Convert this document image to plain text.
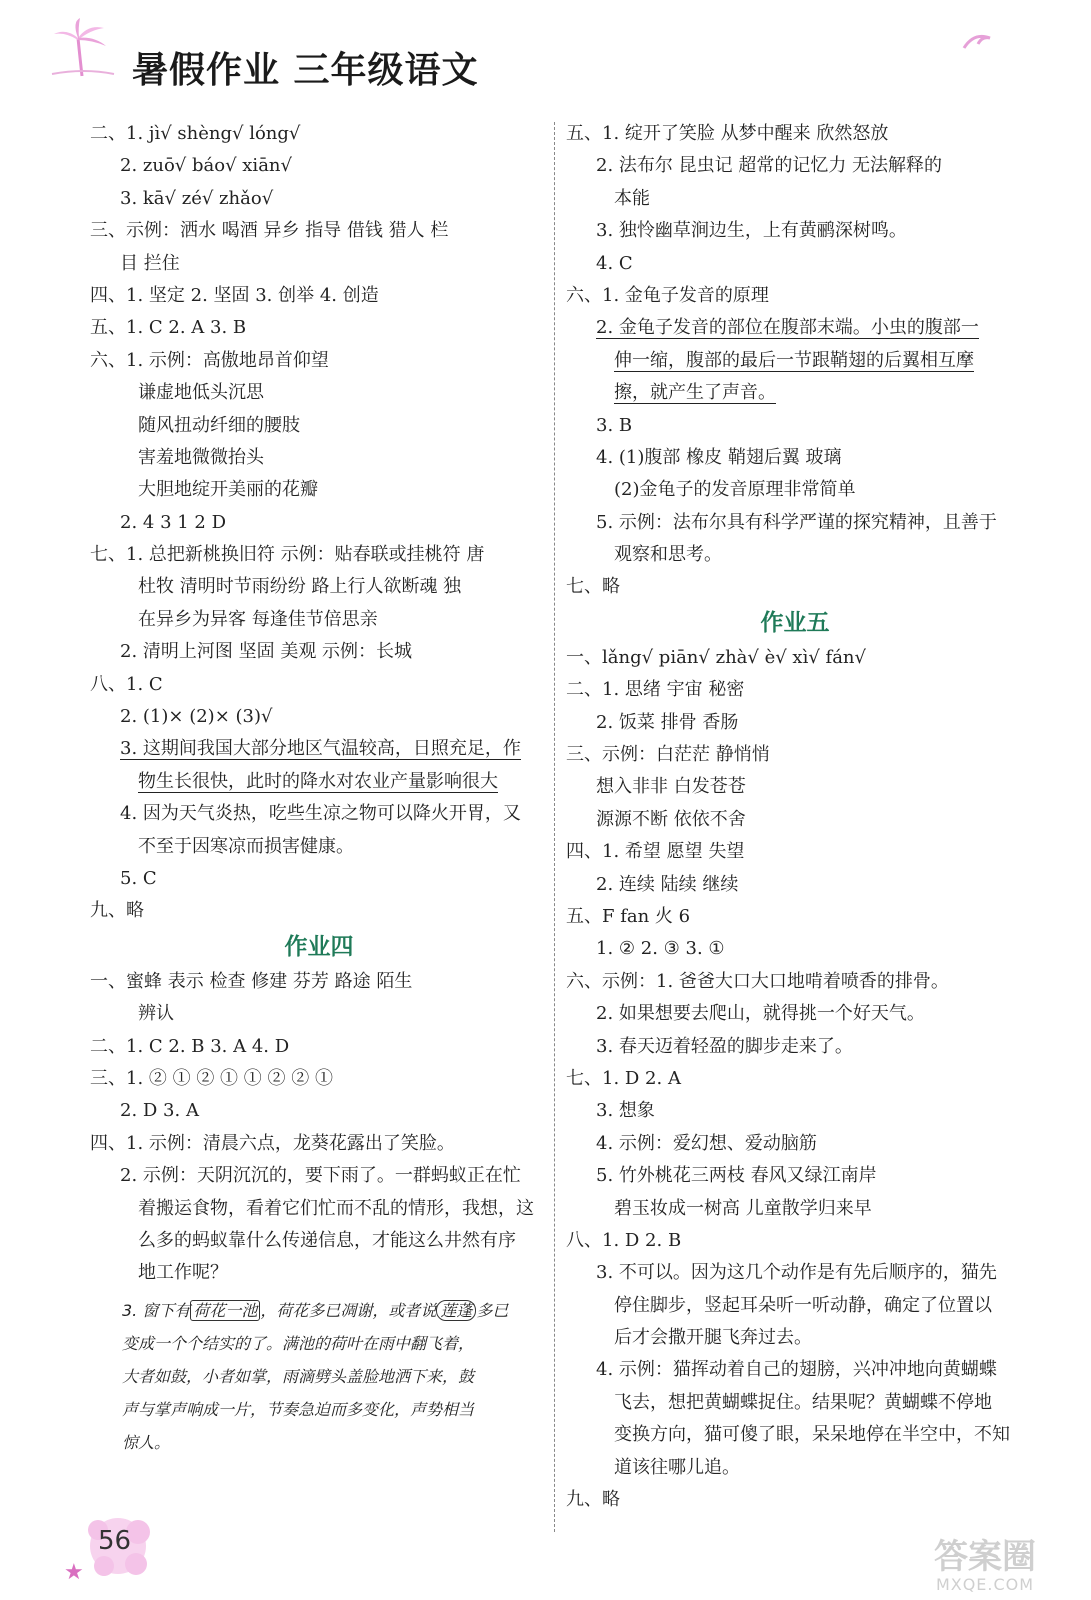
暑假作业 三年级语文
二、1. jì√ shèng√ lóng√
2. zuō√ báo√ xiān√
3. kā√ zé√ zhǎo√
三、示例：洒水 喝酒 异乡 指导 借钱 猎人 栏
目 拦住
四、1. 坚定 2. 坚固 3. 创举 4. 创造
五、1. C 2. A 3. B
六、1. 示例：高傲地昂首仰望
谦虚地低头沉思
随风扭动纤细的腰肢
害羞地微微抬头
大胆地绽开美丽的花瓣
2. 4 3 1 2 D
七、1. 总把新桃换旧符 示例：贴春联或挂桃符 唐
杜牧 清明时节雨纷纷 路上行人欲断魂 独
在异乡为异客 每逢佳节倍思亲
2. 清明上河图 坚固 美观 示例：长城
八、1. C
2. (1)× (2)× (3)√
3. 这期间我国大部分地区气温较高，日照充足，作
物生长很快，此时的降水对农业产量影响很大
4. 因为天气炎热，吃些生凉之物可以降火开胃，又
不至于因寒凉而损害健康。
5. C
九、略
作业四
一、蜜蜂 表示 检查 修建 芬芳 路途 陌生
辨认
二、1. C 2. B 3. A 4. D
三、1. ② ① ② ① ① ② ② ①
2. D 3. A
四、1. 示例：清晨六点，龙葵花露出了笑脸。
2. 示例：天阴沉沉的，要下雨了。一群蚂蚁正在忙
着搬运食物，看着它们忙而不乱的情形，我想，这
么多的蚂蚁靠什么传递信息，才能这么井然有序
地工作呢？
3. 窗下有 荷花一池 ，荷花多已凋谢，或者说 莲蓬 多已
变成一个个结实的了。满池的荷叶在雨中翻飞着，
大者如鼓，小者如掌，雨滴劈头盖脸地洒下来，鼓
声与掌声响成一片，节奏急迫而多变化，声势相当
惊人。
五、1. 绽开了笑脸 从梦中醒来 欣然怒放
2. 法布尔 昆虫记 超常的记忆力 无法解释的
本能
3. 独怜幽草涧边生，上有黄鹂深树鸣。
4. C
六、1. 金龟子发音的原理
2. 金龟子发音的部位在腹部末端。小虫的腹部一
伸一缩，腹部的最后一节跟鞘翅的后翼相互摩
擦，就产生了声音。
3. B
4. (1)腹部 橡皮 鞘翅后翼 玻璃
(2)金龟子的发音原理非常简单
5. 示例：法布尔具有科学严谨的探究精神，且善于
观察和思考。
七、略
作业五
一、lǎng√ piān√ zhà√ è√ xì√ fán√
二、1. 思绪 宇宙 秘密
2. 饭菜 排骨 香肠
三、示例：白茫茫 静悄悄
想入非非 白发苍苍
源源不断 依依不舍
四、1. 希望 愿望 失望
2. 连续 陆续 继续
五、F fan 火 6
1. ② 2. ③ 3. ①
六、示例：1. 爸爸大口大口地啃着喷香的排骨。
2. 如果想要去爬山，就得挑一个好天气。
3. 春天迈着轻盈的脚步走来了。
七、1. D 2. A
3. 想象
4. 示例：爱幻想、爱动脑筋
5. 竹外桃花三两枝 春风又绿江南岸
碧玉妆成一树高 儿童散学归来早
八、1. D 2. B
3. 不可以。因为这几个动作是有先后顺序的，猫先
停住脚步，竖起耳朵听一听动静，确定了位置以
后才会撒开腿飞奔过去。
4. 示例：猫挥动着自己的翅膀，兴冲冲地向黄蝴蝶
飞去，想把黄蝴蝶捉住。结果呢？黄蝴蝶不停地
变换方向，猫可傻了眼，呆呆地停在半空中，不知
道该往哪儿追。
九、略
56
★	答案圈
MXQE.COM
